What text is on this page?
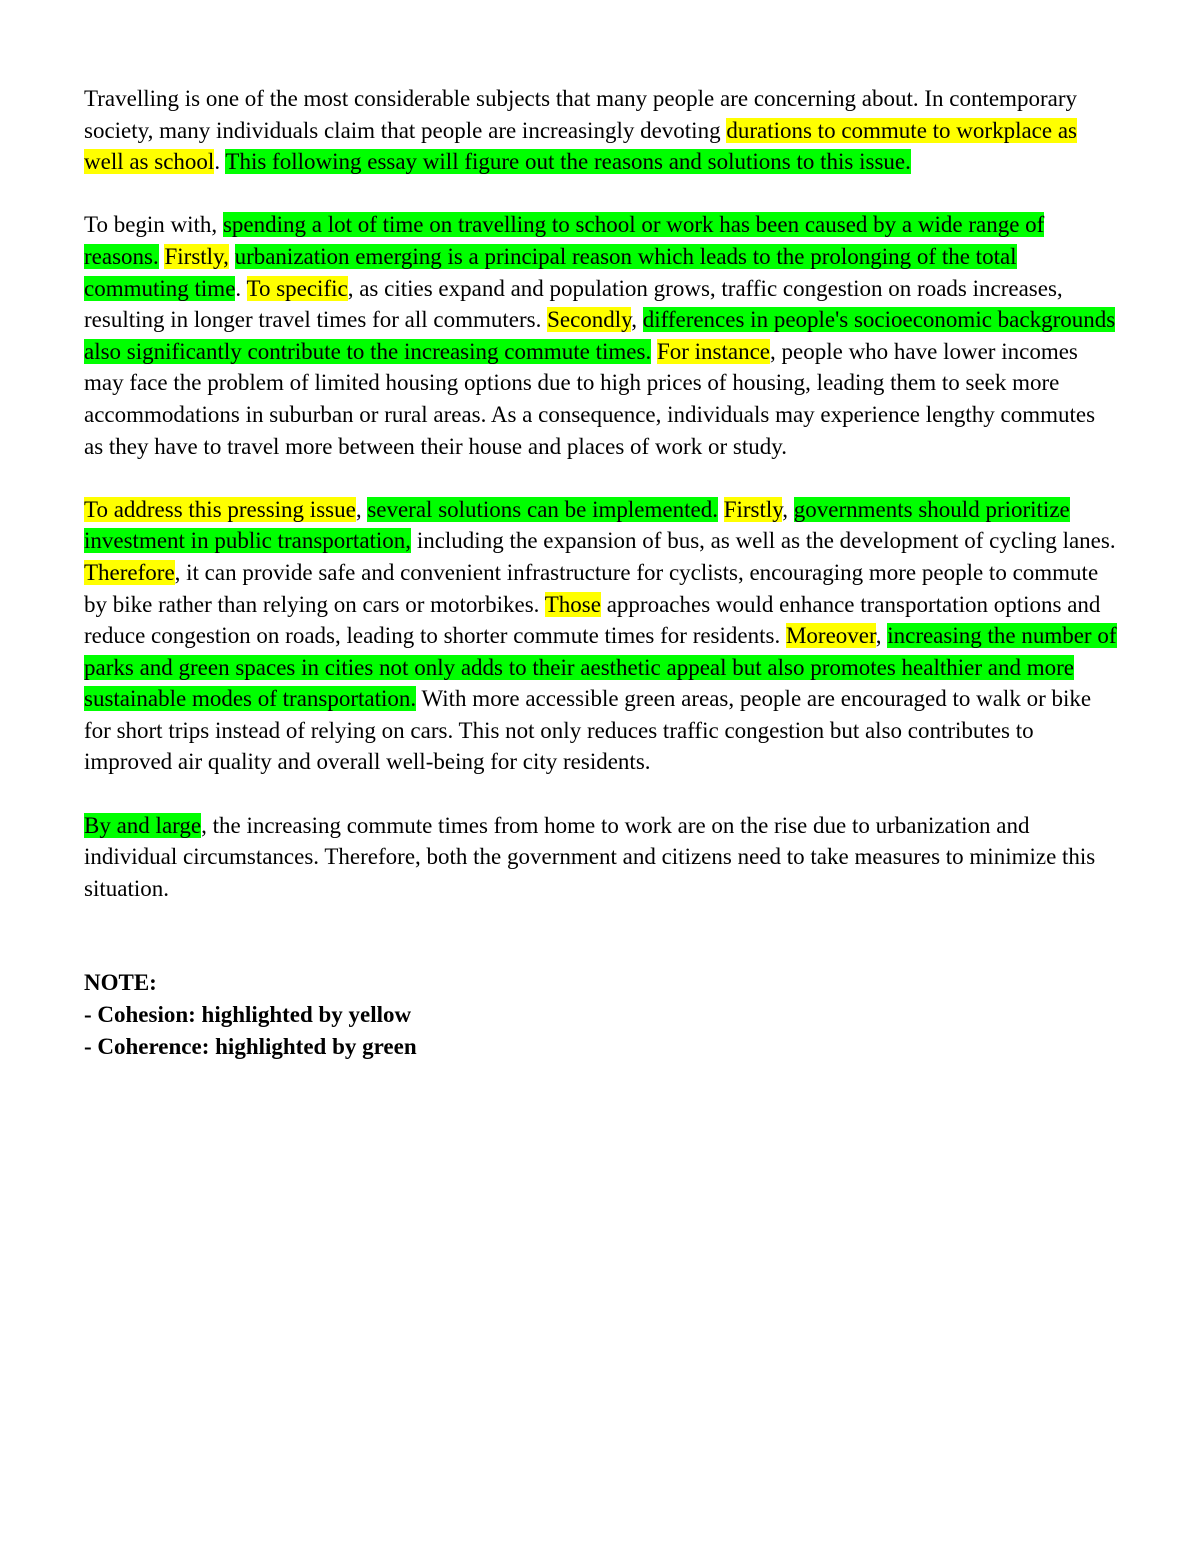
Travelling is one of the most considerable subjects that many people are concerning about. In contemporary society, many individuals claim that people are increasingly devoting durations to commute to workplace as well as school. This following essay will figure out the reasons and solutions to this issue.

To begin with, spending a lot of time on travelling to school or work has been caused by a wide range of reasons. Firstly, urbanization emerging is a principal reason which leads to the prolonging of the total commuting time. To specific, as cities expand and population grows, traffic congestion on roads increases, resulting in longer travel times for all commuters. Secondly, differences in people's socioeconomic backgrounds also significantly contribute to the increasing commute times. For instance, people who have lower incomes may face the problem of limited housing options due to high prices of housing, leading them to seek more accommodations in suburban or rural areas. As a consequence, individuals may experience lengthy commutes as they have to travel more between their house and places of work or study.

To address this pressing issue, several solutions can be implemented. Firstly, governments should prioritize investment in public transportation, including the expansion of bus, as well as the development of cycling lanes. Therefore, it can provide safe and convenient infrastructure for cyclists, encouraging more people to commute by bike rather than relying on cars or motorbikes. Those approaches would enhance transportation options and reduce congestion on roads, leading to shorter commute times for residents. Moreover, increasing the number of parks and green spaces in cities not only adds to their aesthetic appeal but also promotes healthier and more sustainable modes of transportation. With more accessible green areas, people are encouraged to walk or bike for short trips instead of relying on cars. This not only reduces traffic congestion but also contributes to improved air quality and overall well-being for city residents.

By and large, the increasing commute times from home to work are on the rise due to urbanization and individual circumstances. Therefore, both the government and citizens need to take measures to minimize this situation.

NOTE:
- Cohesion: highlighted by yellow
- Coherence: highlighted by green
